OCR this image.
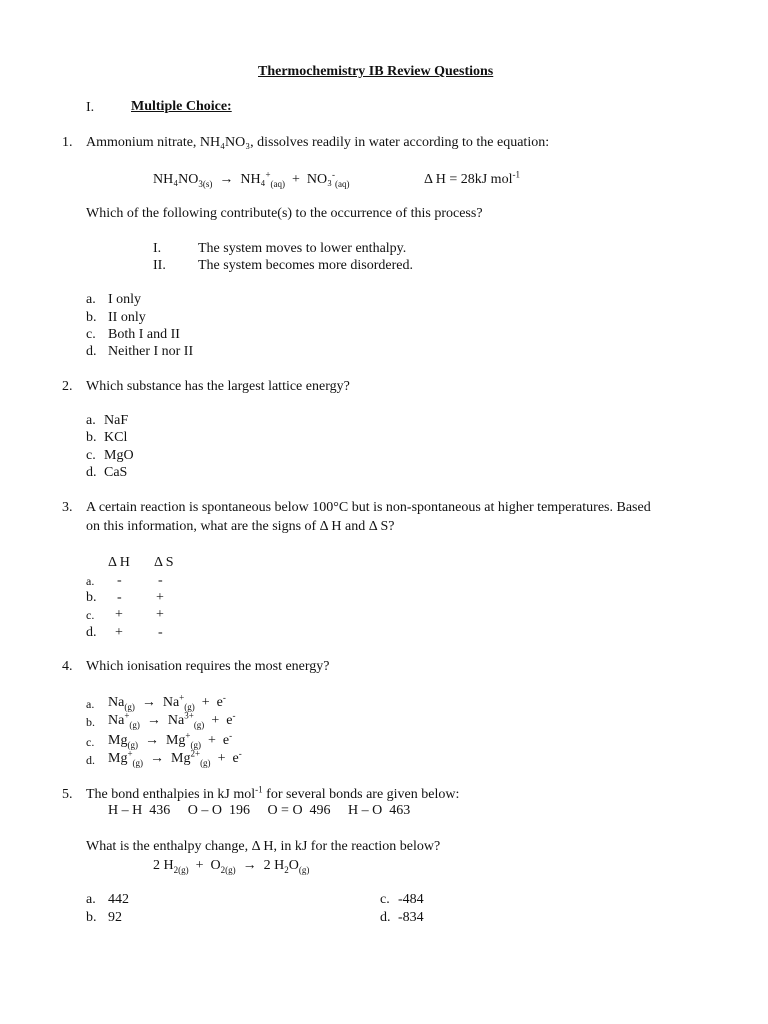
Thermochemistry IB Review Questions
I.	Multiple Choice:
1. Ammonium nitrate, NH₄NO₃, dissolves readily in water according to the equation:
$NH_4NO_{3(s)} \to NH_4^+_{(aq)} + NO_3^-_{(aq)}$	Δ H = 28kJ mol$^{-1}$
Which of the following contribute(s) to the occurrence of this process?
I.	The system moves to lower enthalpy.
II. The system becomes more disordered.
a. I only
b. II only
c. Both I and II
d. Neither I nor II
2. Which substance has the largest lattice energy?
a. NaF
b. KCl
c. MgO
d. CaS
3. A certain reaction is spontaneous below 100°C but is non-spontaneous at higher temperatures. Based
on this information, what are the signs of Δ H and Δ S?
Δ H Δ S
a. -	-
b. - +
c. + +
d. +	-
4. Which ionisation requires the most energy?
a. $Na_{(g)} \to Na^+_{(g)} + e^-$
b. $Na^+_{(g)} \to Na^{3+}_{(g)} + e^-$
c. $Mg_{(g)} \to Mg^+_{(g)} + e^-$
d. $Mg^+_{(g)} \to Mg^{2+}_{(g)} + e^-$
5. The bond enthalpies in kJ mol$^{-1}$ for several bonds are given below:
H – H  436     O – O  196     O = O  496     H – O  463
What is the enthalpy change, Δ H, in kJ for the reaction below?
2 $H_{2(g)} + O_{2(g)} \to 2$ $H_2O_{(g)}$
a. 442
b. 92
c. -484
d. -834
